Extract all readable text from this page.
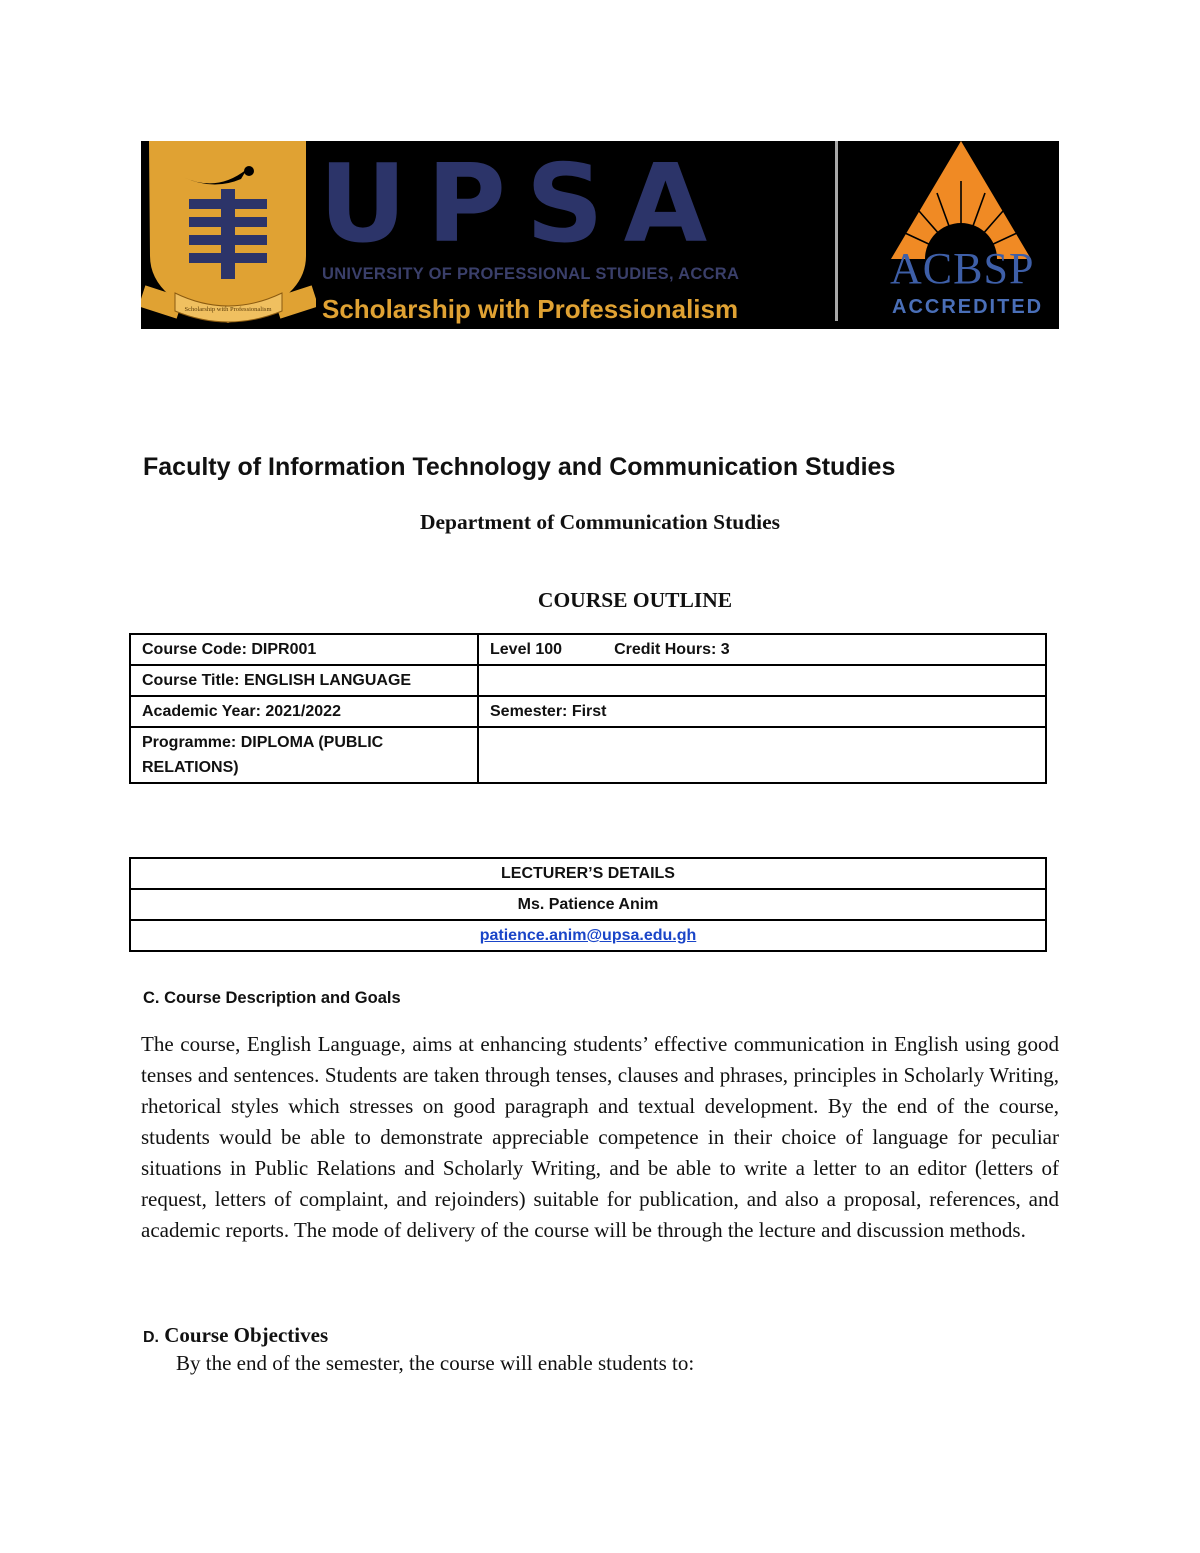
Scholarship with Professionalism
UPSA
UNIVERSITY OF PROFESSIONAL STUDIES, ACCRA
Scholarship with Professionalism
ACBSP
ACCREDITED
Faculty of Information Technology and Communication Studies
Department of Communication Studies
COURSE OUTLINE
Course Code: DIPR001	Level 100 Credit Hours: 3
Course Title: ENGLISH LANGUAGE	
Academic Year: 2021/2022	Semester: First
Programme: DIPLOMA (PUBLIC
RELATIONS)	
LECTURER’S DETAILS
Ms. Patience Anim
patience.anim@upsa.edu.gh
C. Course Description and Goals

The course, English Language, aims at enhancing students’ effective communication in English using good tenses and sentences. Students are taken through tenses, clauses and phrases, principles in Scholarly Writing, rhetorical styles which stresses on good paragraph and textual development. By the end of the course, students would be able to demonstrate appreciable competence in their choice of language for peculiar situations in Public Relations and Scholarly Writing, and be able to write a letter to an editor (letters of request, letters of complaint, and rejoinders) suitable for publication, and also a proposal, references, and academic reports. The mode of delivery of the course will be through the lecture and discussion methods.

D. Course Objectives
By the end of the semester, the course will enable students to:
